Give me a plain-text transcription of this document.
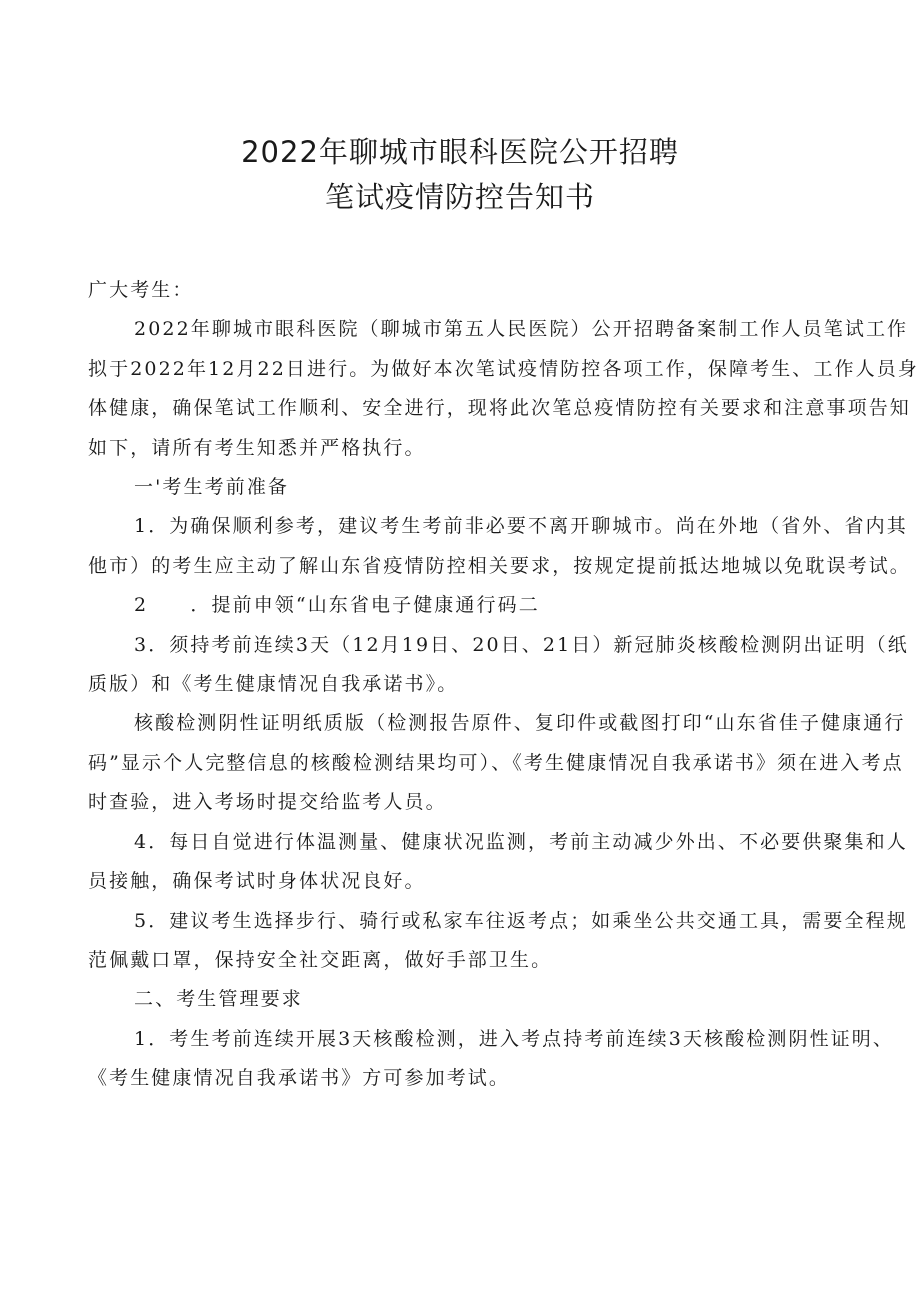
2022年聊城市眼科医院公开招聘
笔试疫情防控告知书

广大考生：

2022年聊城市眼科医院（聊城市第五人民医院）公开招聘备案制工作人员笔试工作拟于2022年12月22日进行。为做好本次笔试疫情防控各项工作，保障考生、工作人员身体健康，确保笔试工作顺利、安全进行，现将此次笔总疫情防控有关要求和注意事项告知如下，请所有考生知悉并严格执行。

一'考生考前准备

1．为确保顺利参考，建议考生考前非必要不离开聊城市。尚在外地（省外、省内其他市）的考生应主动了解山东省疫情防控相关要求，按规定提前抵达地城以免耽误考试。

2　　．提前申领“山东省电子健康通行码二

3．须持考前连续3天（12月19日、20日、21日）新冠肺炎核酸检测阴出证明（纸质版）和《考生健康情况自我承诺书》。

核酸检测阴性证明纸质版（检测报告原件、复印件或截图打印“山东省佳子健康通行码”显示个人完整信息的核酸检测结果均可）、《考生健康情况自我承诺书》须在进入考点时查验，进入考场时提交给监考人员。

4．每日自觉进行体温测量、健康状况监测，考前主动减少外出、不必要供聚集和人员接触，确保考试时身体状况良好。

5．建议考生选择步行、骑行或私家车往返考点；如乘坐公共交通工具，需要全程规范佩戴口罩，保持安全社交距离，做好手部卫生。

二、考生管理要求

1．考生考前连续开展3天核酸检测，进入考点持考前连续3天核酸检测阴性证明、《考生健康情况自我承诺书》方可参加考试。
